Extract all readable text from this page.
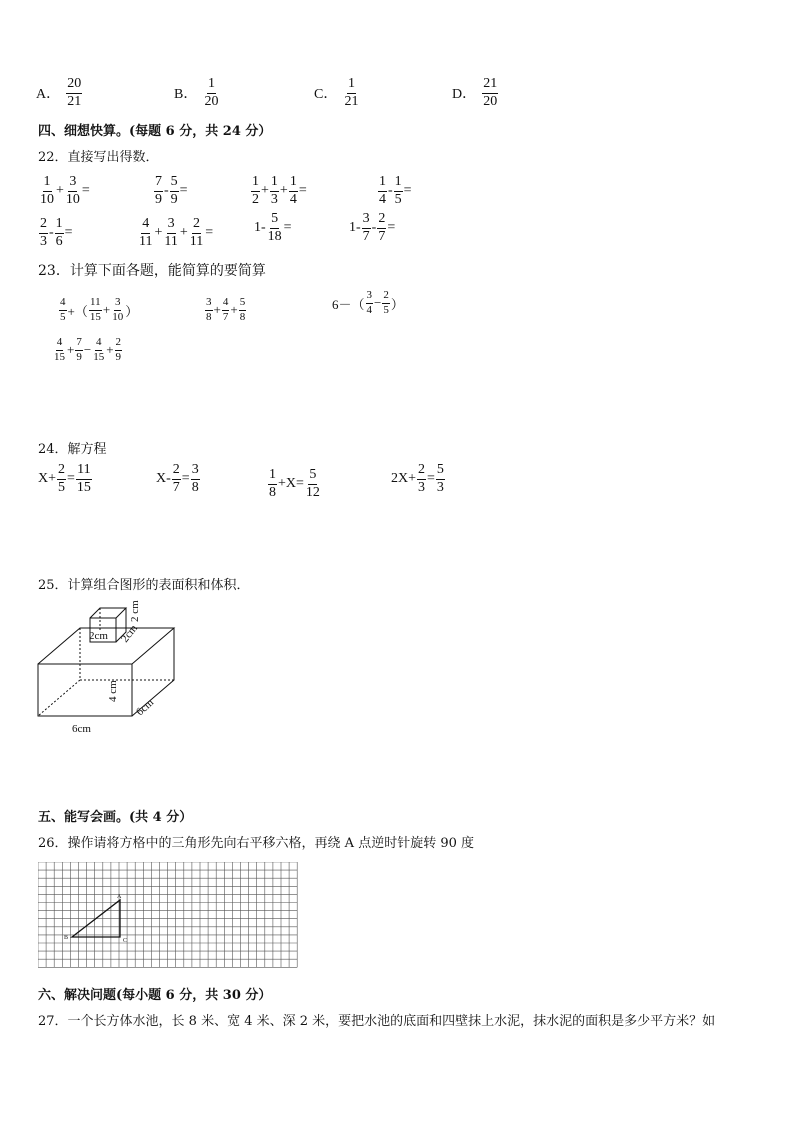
A． $\frac{20}{21}$	B． $\frac{1}{20}$	C． $\frac{1}{21}$	D． $\frac{21}{20}$
四、细想快算。(每题 6 分，共 24 分）
22．直接写出得数．
$\frac{1}{10} + \frac{3}{10}$ =	$\frac{7}{9} - \frac{5}{9}$ =	$\frac{1}{2} + \frac{1}{3} + \frac{1}{4}$ =	$\frac{1}{4} - \frac{1}{5}$ =
$\frac{2}{3} - \frac{1}{6}$ =	$\frac{4}{11} + \frac{3}{11} + \frac{2}{11}$ =	$1- \frac{5}{18}$ =	$1- \frac{3}{7} - \frac{2}{7}$ =
23．计算下面各题，能简算的要简算
$\frac{4}{5}$ +（ $\frac{11}{15} + \frac{3}{10}$ ）	$\frac{3}{8} + \frac{4}{7} + \frac{5}{8}$	$6-( \frac{3}{4} - \frac{2}{5}$ ）
$\frac{4}{15} + \frac{7}{9} - \frac{4}{15} + \frac{2}{9}$
24．解方程
$X+ \frac{2}{5} = \frac{11}{15}$	$X- \frac{2}{7} = \frac{3}{8}$	$\frac{1}{8} +X= \frac{5}{12}$	$2X+ \frac{2}{3} = \frac{5}{3}$
25．计算组合图形的表面积和体积．
2cm 2cm
2 cm
4 cm
6cm
6cm
五、能写会画。(共 4 分）
26．操作请将方格中的三角形先向右平移六格，再绕 A 点逆时针旋转 90 度
A
B	C
六、解决问题(每小题 6 分，共 30 分）
27．一个长方体水池，长 8 米、宽 4 米、深 2 米，要把水池的底面和四壁抹上水泥，抹水泥的面积是多少平方米？如
